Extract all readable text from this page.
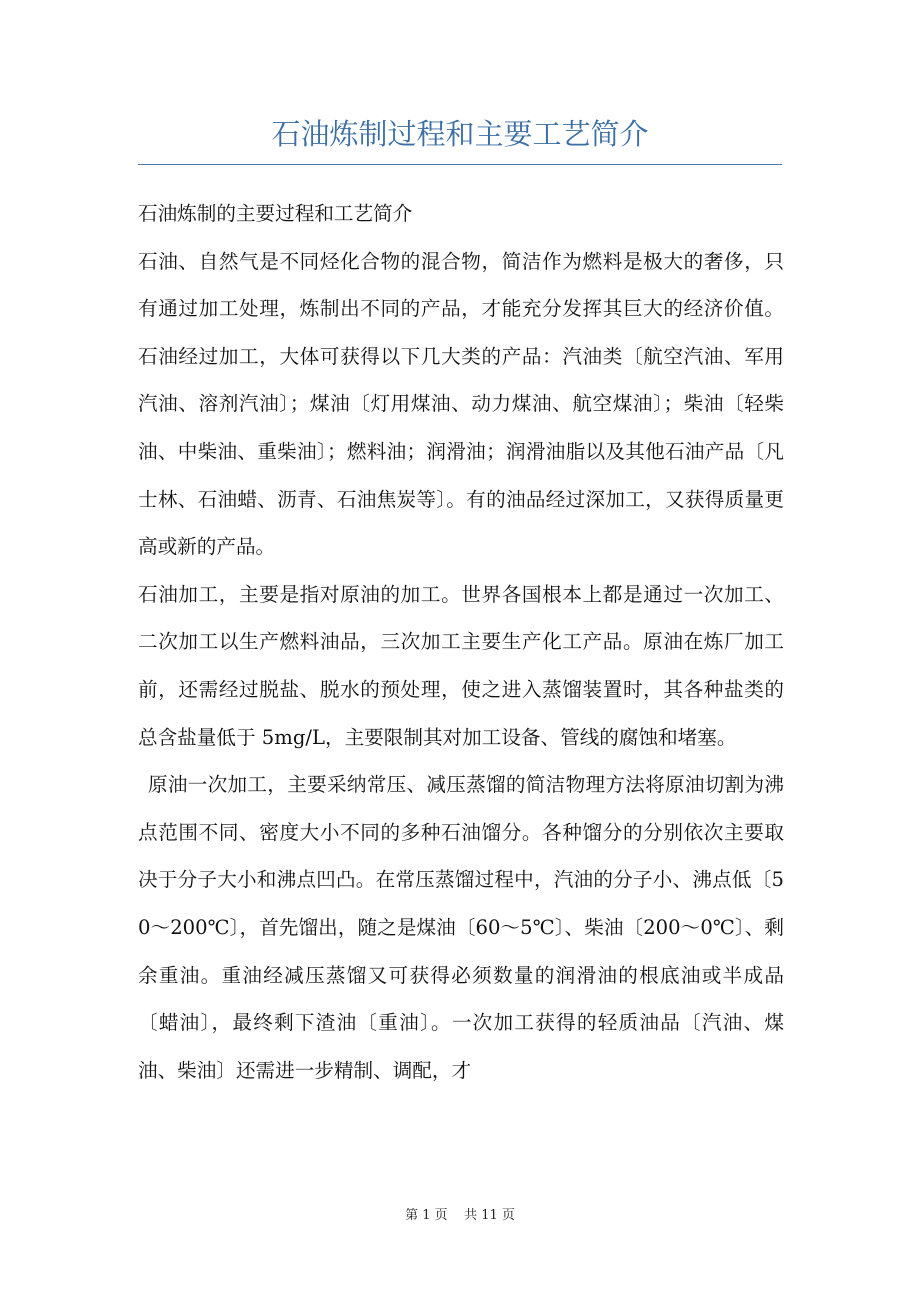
石油炼制过程和主要工艺简介

石油炼制的主要过程和工艺简介

石油、自然气是不同烃化合物的混合物，简洁作为燃料是极大的奢侈，只有通过加工处理，炼制出不同的产品，才能充分发挥其巨大的经济价值。石油经过加工，大体可获得以下几大类的产品：汽油类〔航空汽油、军用汽油、溶剂汽油〕；煤油〔灯用煤油、动力煤油、航空煤油〕；柴油〔轻柴油、中柴油、重柴油〕；燃料油；润滑油；润滑油脂以及其他石油产品〔凡士林、石油蜡、沥青、石油焦炭等〕。有的油品经过深加工，又获得质量更高或新的产品。

石油加工，主要是指对原油的加工。世界各国根本上都是通过一次加工、二次加工以生产燃料油品，三次加工主要生产化工产品。原油在炼厂加工前，还需经过脱盐、脱水的预处理，使之进入蒸馏装置时，其各种盐类的总含盐量低于 5mg/L，主要限制其对加工设备、管线的腐蚀和堵塞。

原油一次加工，主要采纳常压、减压蒸馏的简洁物理方法将原油切割为沸点范围不同、密度大小不同的多种石油馏分。各种馏分的分别依次主要取决于分子大小和沸点凹凸。在常压蒸馏过程中，汽油的分子小、沸点低〔50～200℃〕，首先馏出，随之是煤油〔60～5℃〕、柴油〔200～0℃〕、剩余重油。重油经减压蒸馏又可获得必须数量的润滑油的根底油或半成品〔蜡油〕，最终剩下渣油〔重油〕。一次加工获得的轻质油品〔汽油、煤油、柴油〕还需进一步精制、调配，才

第 1 页    共 11 页
